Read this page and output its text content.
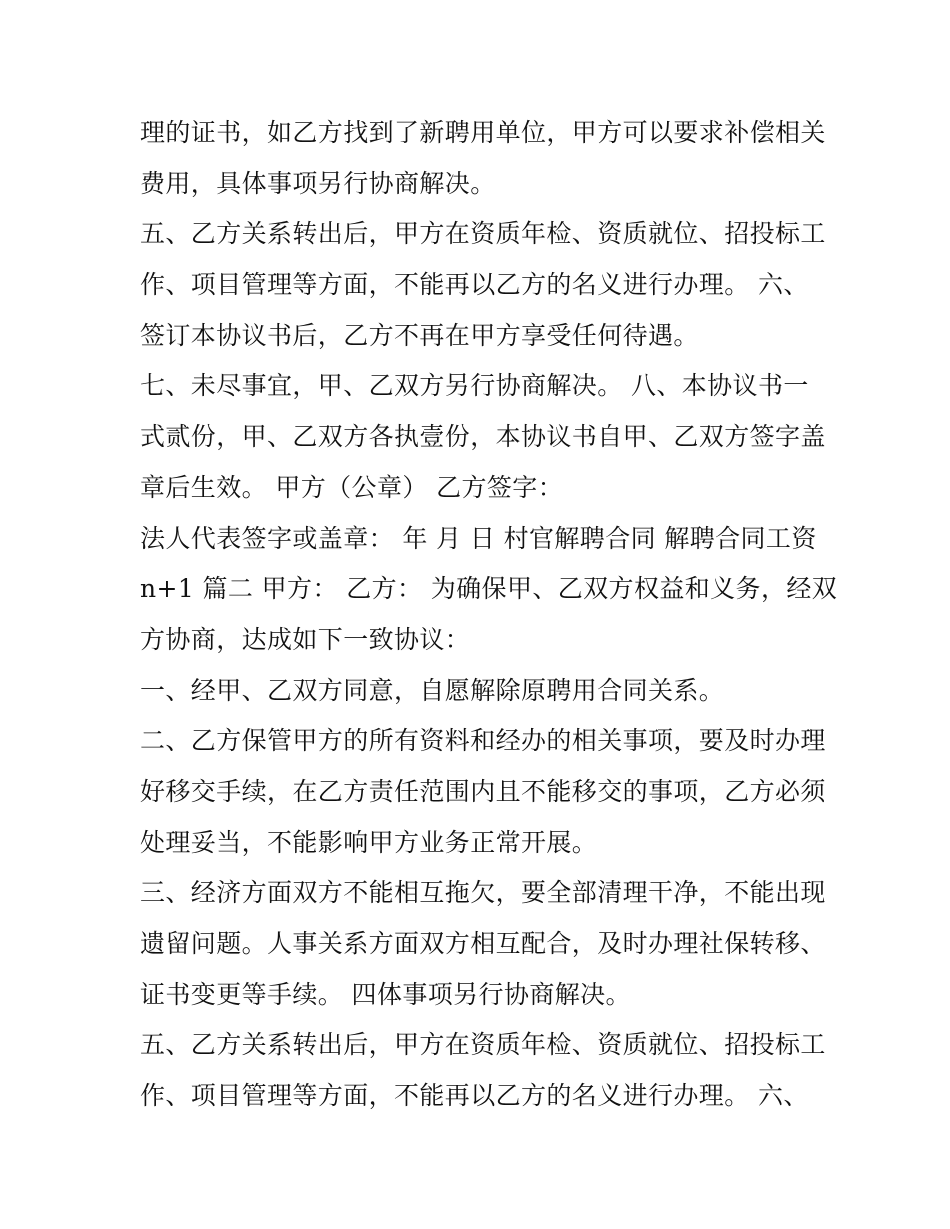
理的证书，如乙方找到了新聘用单位，甲方可以要求补偿相关
费用，具体事项另行协商解决。
五、乙方关系转出后，甲方在资质年检、资质就位、招投标工
作、项目管理等方面，不能再以乙方的名义进行办理。 六、
签订本协议书后，乙方不再在甲方享受任何待遇。
七、未尽事宜，甲、乙双方另行协商解决。 八、本协议书一
式贰份，甲、乙双方各执壹份，本协议书自甲、乙双方签字盖
章后生效。 甲方（公章） 乙方签字：
法人代表签字或盖章： 年 月 日 村官解聘合同 解聘合同工资
n+1 篇二 甲方： 乙方： 为确保甲、乙双方权益和义务，经双
方协商，达成如下一致协议：
一、经甲、乙双方同意，自愿解除原聘用合同关系。
二、乙方保管甲方的所有资料和经办的相关事项，要及时办理
好移交手续，在乙方责任范围内且不能移交的事项，乙方必须
处理妥当，不能影响甲方业务正常开展。
三、经济方面双方不能相互拖欠，要全部清理干净，不能出现
遗留问题。人事关系方面双方相互配合，及时办理社保转移、
证书变更等手续。 四体事项另行协商解决。
五、乙方关系转出后，甲方在资质年检、资质就位、招投标工
作、项目管理等方面，不能再以乙方的名义进行办理。 六、
